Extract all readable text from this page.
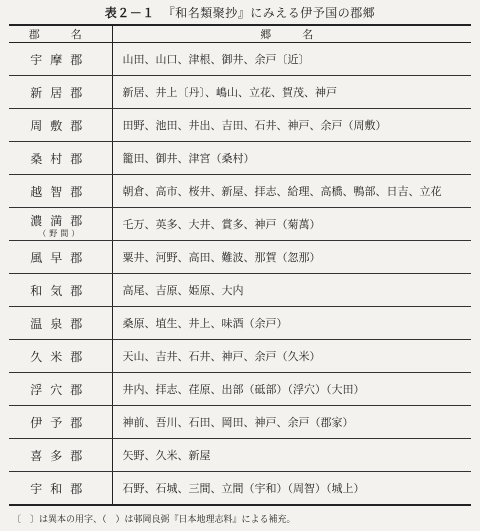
表２－１ 『和名類聚抄』にみえる伊予国の郡郷
郡　名	郷　名

宇摩郡	山田、山口、津根、御井、余戸〔近〕

新居郡	新居、井上〔丹〕、嶋山、立花、賀茂、神戸

周敷郡	田野、池田、井出、吉田、石井、神戸、余戸（周敷）

桑村郡	籠田、御井、津宮（桑村）

越智郡	朝倉、高市、桜井、新屋、拝志、給理、高橋、鴨部、日吉、立花

濃満郡
（野間）	乇万、英多、大井、賞多、神戸（菊萬）

風早郡	粟井、河野、高田、難波、那賀（忽那）

和気郡	高尾、吉原、姫原、大内

温泉郡	桑原、埴生、井上、味酒（余戸）

久米郡	天山、吉井、石井、神戸、余戸（久米）

浮穴郡	井内、拝志、荏原、出部（砥部）（浮穴）（大田）

伊予郡	神前、吾川、石田、岡田、神戸、余戸（郡家）

喜多郡	矢野、久米、新屋

宇和郡	石野、石城、三間、立間（宇和）（周智）（城上）
〔　〕は異本の用字、（　）は邨岡良弼『日本地理志料』による補充。
